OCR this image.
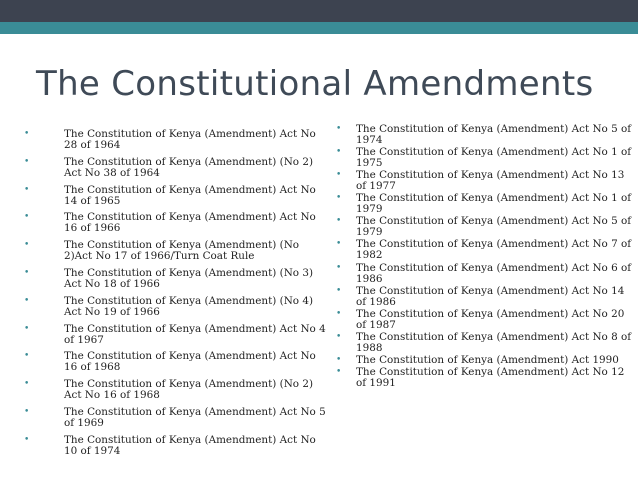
The Constitutional Amendments
•	The Constitution of Kenya (Amendment) Act No 28 of 1964
•	The Constitution of Kenya (Amendment) (No 2) Act No 38 of 1964
•	The Constitution of Kenya (Amendment) Act No 14 of 1965
•	The Constitution of Kenya (Amendment) Act No 16 of 1966
•	The Constitution of Kenya (Amendment) (No 2)Act No 17 of 1966/Turn Coat Rule
•	The Constitution of Kenya (Amendment) (No 3) Act No 18 of 1966
•	The Constitution of Kenya (Amendment) (No 4) Act No 19 of 1966
•	The Constitution of Kenya (Amendment) Act No 4 of 1967
•	The Constitution of Kenya (Amendment) Act No 16 of 1968
•	The Constitution of Kenya (Amendment) (No 2) Act No 16 of 1968
•	The Constitution of Kenya (Amendment) Act No 5 of 1969
•	The Constitution of Kenya (Amendment) Act No 10 of 1974
• The Constitution of Kenya (Amendment) Act No 5 of 1974
• The Constitution of Kenya (Amendment) Act No 1 of 1975
• The Constitution of Kenya (Amendment) Act No 13 of 1977
• The Constitution of Kenya (Amendment) Act No 1 of 1979
• The Constitution of Kenya (Amendment) Act No 5 of 1979
• The Constitution of Kenya (Amendment) Act No 7 of 1982
• The Constitution of Kenya (Amendment) Act No 6 of 1986
• The Constitution of Kenya (Amendment) Act No 14 of 1986
• The Constitution of Kenya (Amendment) Act No 20 of 1987
• The Constitution of Kenya (Amendment) Act No 8 of 1988
• The Constitution of Kenya (Amendment) Act 1990
• The Constitution of Kenya (Amendment) Act No 12 of 1991
